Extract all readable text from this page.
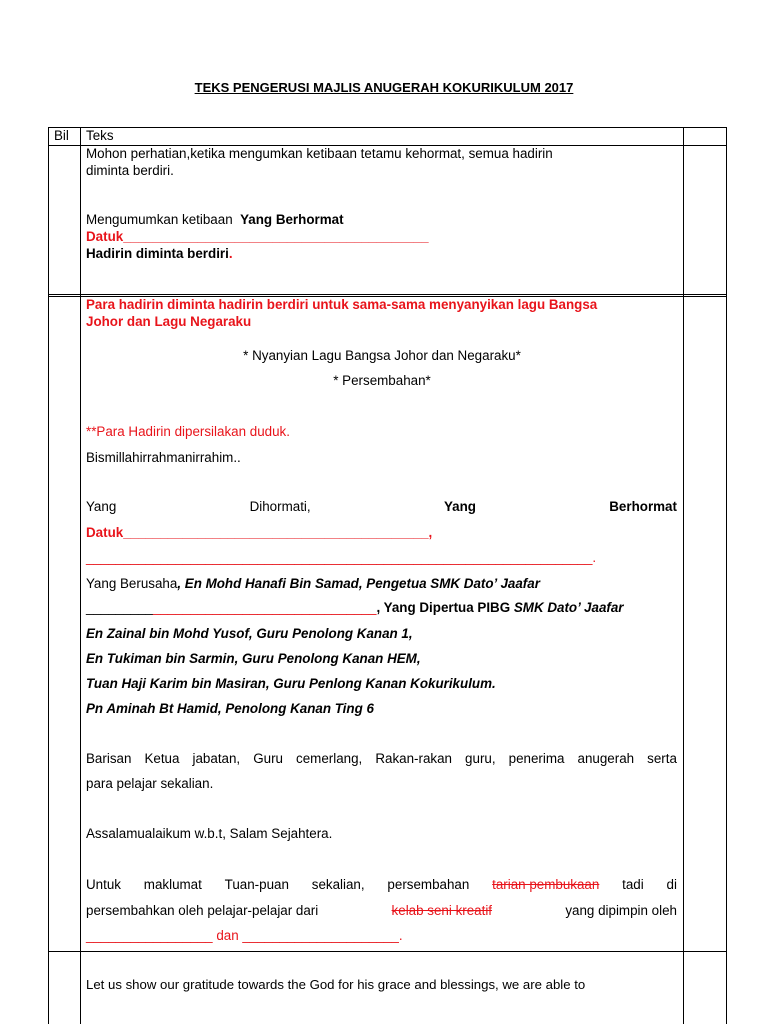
TEKS PENGERUSI MAJLIS ANUGERAH KOKURIKULUM 2017
Bil Teks
Mohon perhatian,ketika mengumkan ketibaan tetamu kehormat, semua hadirin
diminta berdiri.
Mengumumkan ketibaan Yang Berhormat
Datuk_________________________________________
Hadirin diminta berdiri.
Para hadirin diminta hadirin berdiri untuk sama-sama menyanyikan lagu Bangsa
Johor dan Lagu Negaraku
* Nyanyian Lagu Bangsa Johor dan Negaraku*
* Persembahan*
**Para Hadirin dipersilakan duduk.
Bismillahirrahmanirrahim..
Yang	Dihormati,	Yang	Berhormat
Datuk_________________________________________,
____________________________________________________________________.
Yang Berusaha, En Mohd Hanafi Bin Samad, Pengetua SMK Dato’ Jaafar
_______________________________________, Yang Dipertua PIBG SMK Dato’ Jaafar
En Zainal bin Mohd Yusof, Guru Penolong Kanan 1,
En Tukiman bin Sarmin, Guru Penolong Kanan HEM,
Tuan Haji Karim bin Masiran, Guru Penlong Kanan Kokurikulum.
Pn Aminah Bt Hamid, Penolong Kanan Ting 6
Barisan Ketua jabatan, Guru cemerlang, Rakan-rakan guru, penerima anugerah serta
para pelajar sekalian.
Assalamualaikum w.b.t, Salam Sejahtera.
Untuk maklumat Tuan-puan sekalian, persembahan tarian pembukaan tadi di
persembahkan oleh pelajar-pelajar dari	kelab seni kreatif	yang dipimpin oleh
_________________ dan _____________________.
Let us show our gratitude towards the God for his grace and blessings, we are able to
